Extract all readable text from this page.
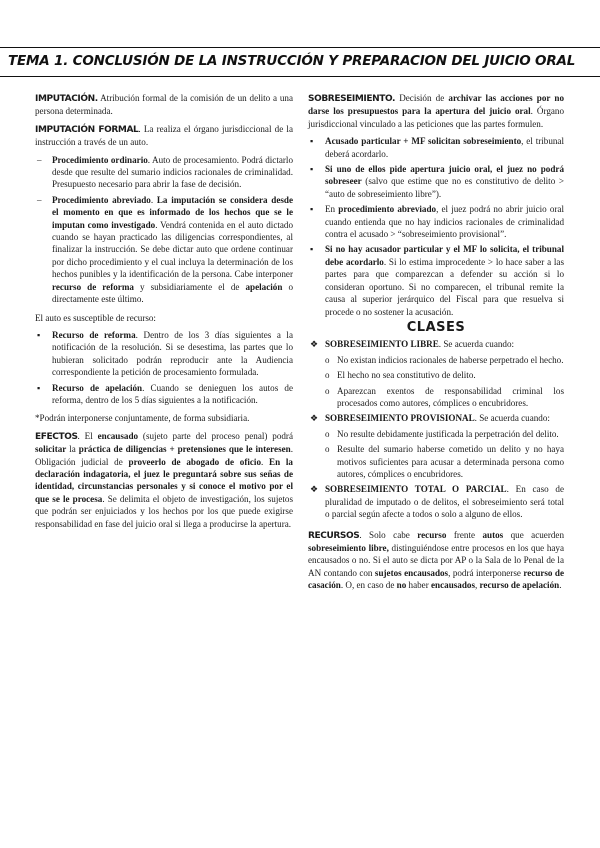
TEMA 1. CONCLUSIÓN DE LA INSTRUCCIÓN Y PREPARACION DEL JUICIO ORAL

IMPUTACIÓN. Atribución formal de la comisión de un delito a una persona determinada.

IMPUTACIÓN FORMAL. La realiza el órgano jurisdiccional de la instrucción a través de un auto.

– Procedimiento ordinario. Auto de procesamiento. Podrá dictarlo desde que resulte del sumario indicios racionales de criminalidad. Presupuesto necesario para abrir la fase de decisión.
– Procedimiento abreviado. La imputación se considera desde el momento en que es informado de los hechos que se le imputan como investigado. Vendrá contenida en el auto dictado cuando se hayan practicado las diligencias correspondientes, al finalizar la instrucción. Se debe dictar auto que ordene continuar por dicho procedimiento y el cual incluya la determinación de los hechos punibles y la identificación de la persona. Cabe interponer recurso de reforma y subsidiariamente el de apelación o directamente este último.

El auto es susceptible de recurso:

▪ Recurso de reforma. Dentro de los 3 días siguientes a la notificación de la resolución. Si se desestima, las partes que lo hubieran solicitado podrán reproducir ante la Audiencia correspondiente la petición de procesamiento formulada.
▪ Recurso de apelación. Cuando se denieguen los autos de reforma, dentro de los 5 días siguientes a la notificación.

*Podrán interponerse conjuntamente, de forma subsidiaria.

EFECTOS. El encausado (sujeto parte del proceso penal) podrá solicitar la práctica de diligencias + pretensiones que le interesen. Obligación judicial de proveerlo de abogado de oficio. En la declaración indagatoria, el juez le preguntará sobre sus señas de identidad, circunstancias personales y si conoce el motivo por el que se le procesa. Se delimita el objeto de investigación, los sujetos que podrán ser enjuiciados y los hechos por los que puede exigirse responsabilidad en fase del juicio oral si llega a producirse la apertura.

SOBRESEIMIENTO. Decisión de archivar las acciones por no darse los presupuestos para la apertura del juicio oral. Órgano jurisdiccional vinculado a las peticiones que las partes formulen.

▪ Acusado particular + MF solicitan sobreseimiento, el tribunal deberá acordarlo.
▪ Si uno de ellos pide apertura juicio oral, el juez no podrá sobreseer (salvo que estime que no es constitutivo de delito > “auto de sobreseimiento libre”).
▪ En procedimiento abreviado, el juez podrá no abrir juicio oral cuando entienda que no hay indicios racionales de criminalidad contra el acusado > “sobreseimiento provisional”.
▪ Si no hay acusador particular y el MF lo solicita, el tribunal debe acordarlo. Si lo estima improcedente > lo hace saber a las partes para que comparezcan a defender su acción si lo consideran oportuno. Si no comparecen, el tribunal remite la causa al superior jerárquico del Fiscal para que resuelva si procede o no sostener la acusación.
CLASES
❖ SOBRESEIMIENTO LIBRE. Se acuerda cuando:
o No existan indicios racionales de haberse perpetrado el hecho.
o El hecho no sea constitutivo de delito.
o Aparezcan exentos de responsabilidad criminal los procesados como autores, cómplices o encubridores.
❖ SOBRESEIMIENTO PROVISIONAL. Se acuerda cuando:
o No resulte debidamente justificada la perpetración del delito.
o Resulte del sumario haberse cometido un delito y no haya motivos suficientes para acusar a determinada persona como autores, cómplices o encubridores.
❖ SOBRESEIMIENTO TOTAL O PARCIAL. En caso de pluralidad de imputado o de delitos, el sobreseimiento será total o parcial según afecte a todos o solo a alguno de ellos.

RECURSOS. Solo cabe recurso frente autos que acuerden sobreseimiento libre, distinguiéndose entre procesos en los que haya encausados o no. Si el auto se dicta por AP o la Sala de lo Penal de la AN contando con sujetos encausados, podrá interponerse recurso de casación. O, en caso de no haber encausados, recurso de apelación.
